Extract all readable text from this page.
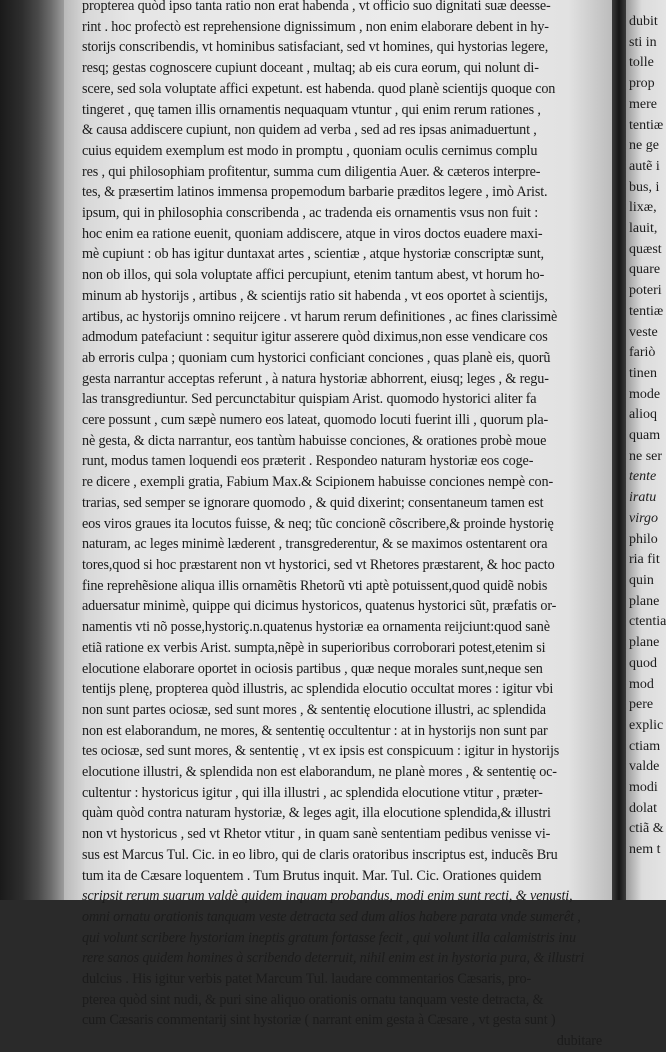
propterea quòd ipso tanta ratio non erat habenda , vt officio suo dignitati suæ deesse-
rint . hoc profectò est reprehensione dignissimum , non enim elaborare debent in hy-
storijs conscribendis, vt hominibus satisfaciant, sed vt homines, qui hystorias legere,
resq; gestas cognoscere cupiunt doceant , multaq; ab eis cura eorum, qui nolunt di-
scere, sed sola voluptate affici expetunt. est habenda. quod planè scientijs quoque con
tingeret , quę tamen illis ornamentis nequaquam vtuntur , qui enim rerum rationes ,
& causa addiscere cupiunt, non quidem ad verba , sed ad res ipsas animaduertunt ,
cuius equidem exemplum est modo in promptu , quoniam oculis cernimus complu
res , qui philosophiam profitentur, summa cum diligentia Auer. & cæteros interpre-
tes, & præsertim latinos immensa propemodum barbarie præditos legere , imò Arist.
ipsum, qui in philosophia conscribenda , ac tradenda eis ornamentis vsus non fuit :
hoc enim ea ratione euenit, quoniam addiscere, atque in viros doctos euadere maxi-
mè cupiunt : ob has igitur duntaxat artes , scientiæ , atque hystoriæ conscriptæ sunt,
non ob illos, qui sola voluptate affici percupiunt, etenim tantum abest, vt horum ho-
minum ab hystorijs , artibus , & scientijs ratio sit habenda , vt eos oportet à scientijs,
artibus, ac hystorijs omnino reijcere . vt harum rerum definitiones , ac fines clarissimè
admodum patefaciunt : sequitur igitur asserere quòd diximus,non esse vendicare cos
ab erroris culpa ; quoniam cum hystorici conficiant conciones , quas planè eis, quorũ
gesta narrantur acceptas referunt , à natura hystoriæ abhorrent, eiusq; leges , & regu-
las transgrediuntur. Sed percunctabitur quispiam Arist. quomodo hystorici aliter fa
cere possunt , cum sæpè numero eos lateat, quomodo locuti fuerint illi , quorum pla-
nè gesta, & dicta narrantur, eos tantùm habuisse conciones, & orationes probè moue
runt, modus tamen loquendi eos præterit . Respondeo naturam hystoriæ eos coge-
re dicere , exempli gratia, Fabium Max.& Scipionem habuisse conciones nempè con-
trarias, sed semper se ignorare quomodo , & quid dixerint; consentaneum tamen est
eos viros graues ita locutos fuisse, & neq; tũc concionẽ cõscribere,& proinde hystorię
naturam, ac leges minimè læderent , transgrederentur, & se maximos ostentarent ora
tores,quod si hoc præstarent non vt hystorici, sed vt Rhetores præstarent, & hoc pacto
fine reprehẽsione aliqua illis ornamẽtis Rhetorũ vti aptè potuissent,quod quidẽ nobis
aduersatur minimè, quippe qui dicimus hystoricos, quatenus hystorici sũt, præfatis or-
namentis vti nõ posse,hystoriç.n.quatenus hystoriæ ea ornamenta reijciunt:quod sanè
etiã ratione ex verbis Arist. sumpta,nẽpè in superioribus corroborari potest,etenim si
elocutione elaborare oportet in ociosis partibus , quæ neque morales sunt,neque sen
tentijs plenę, propterea quòd illustris, ac splendida elocutio occultat mores : igitur vbi
non sunt partes ociosæ, sed sunt mores , & sententię elocutione illustri, ac splendida
non est elaborandum, ne mores, & sententię occultentur : at in hystorijs non sunt par
tes ociosæ, sed sunt mores, & sententię , vt ex ipsis est conspicuum : igitur in hystorijs
elocutione illustri, & splendida non est elaborandum, ne planè mores , & sententię oc-
cultentur : hystoricus igitur , qui illa illustri , ac splendida elocutione vtitur , præter-
quàm quòd contra naturam hystoriæ, & leges agit, illa elocutione splendida,& illustri
non vt hystoricus , sed vt Rhetor vtitur , in quam sanè sententiam pedibus venisse vi-
sus est Marcus Tul. Cic. in eo libro, qui de claris oratoribus inscriptus est, inducẽs Bru
tum ita de Cæsare loquentem . Tum Brutus inquit. Mar. Tul. Cic. Orationes quidem
scripsit rerum suarum valdè quidem inquam probandus, modi enim sunt recti, & venusti,
omni ornatu orationis tanquam veste detracta sed dum alios habere parata vnde sumerêt ,
qui volunt scribere hystoriam ineptis gratum fortasse fecit , qui volunt illa calamistris inu
rere sanos quidem homines à scribendo deterruit, nihil enim est in hystoria pura, & illustri
dulcius . His igitur verbis patet Marcum Tul. laudare commentarios Cæsaris, pro-
pterea quòd sint nudi, & puri sine aliquo orationis ornatu tanquam veste detracta, &
cum Cæsaris commentarij sint hystoriæ ( narrant enim gesta à Cæsare , vt gesta sunt )
dubitare
dubit
sti in
tolle
prop
mere
tentiæ
ne ge
autẽ i
bus, i
lixæ,
lauit,
quæst
quare
poteri
tentiæ
veste
fariò
tinen
mode
alioq
quam
ne ser
tente
iratu
virgo
philo
ria fit
quin
plane
ctentia
plane
quod
mod
pere
explic
ctiam
valde
modi
dolat
ctiã &
nem t
